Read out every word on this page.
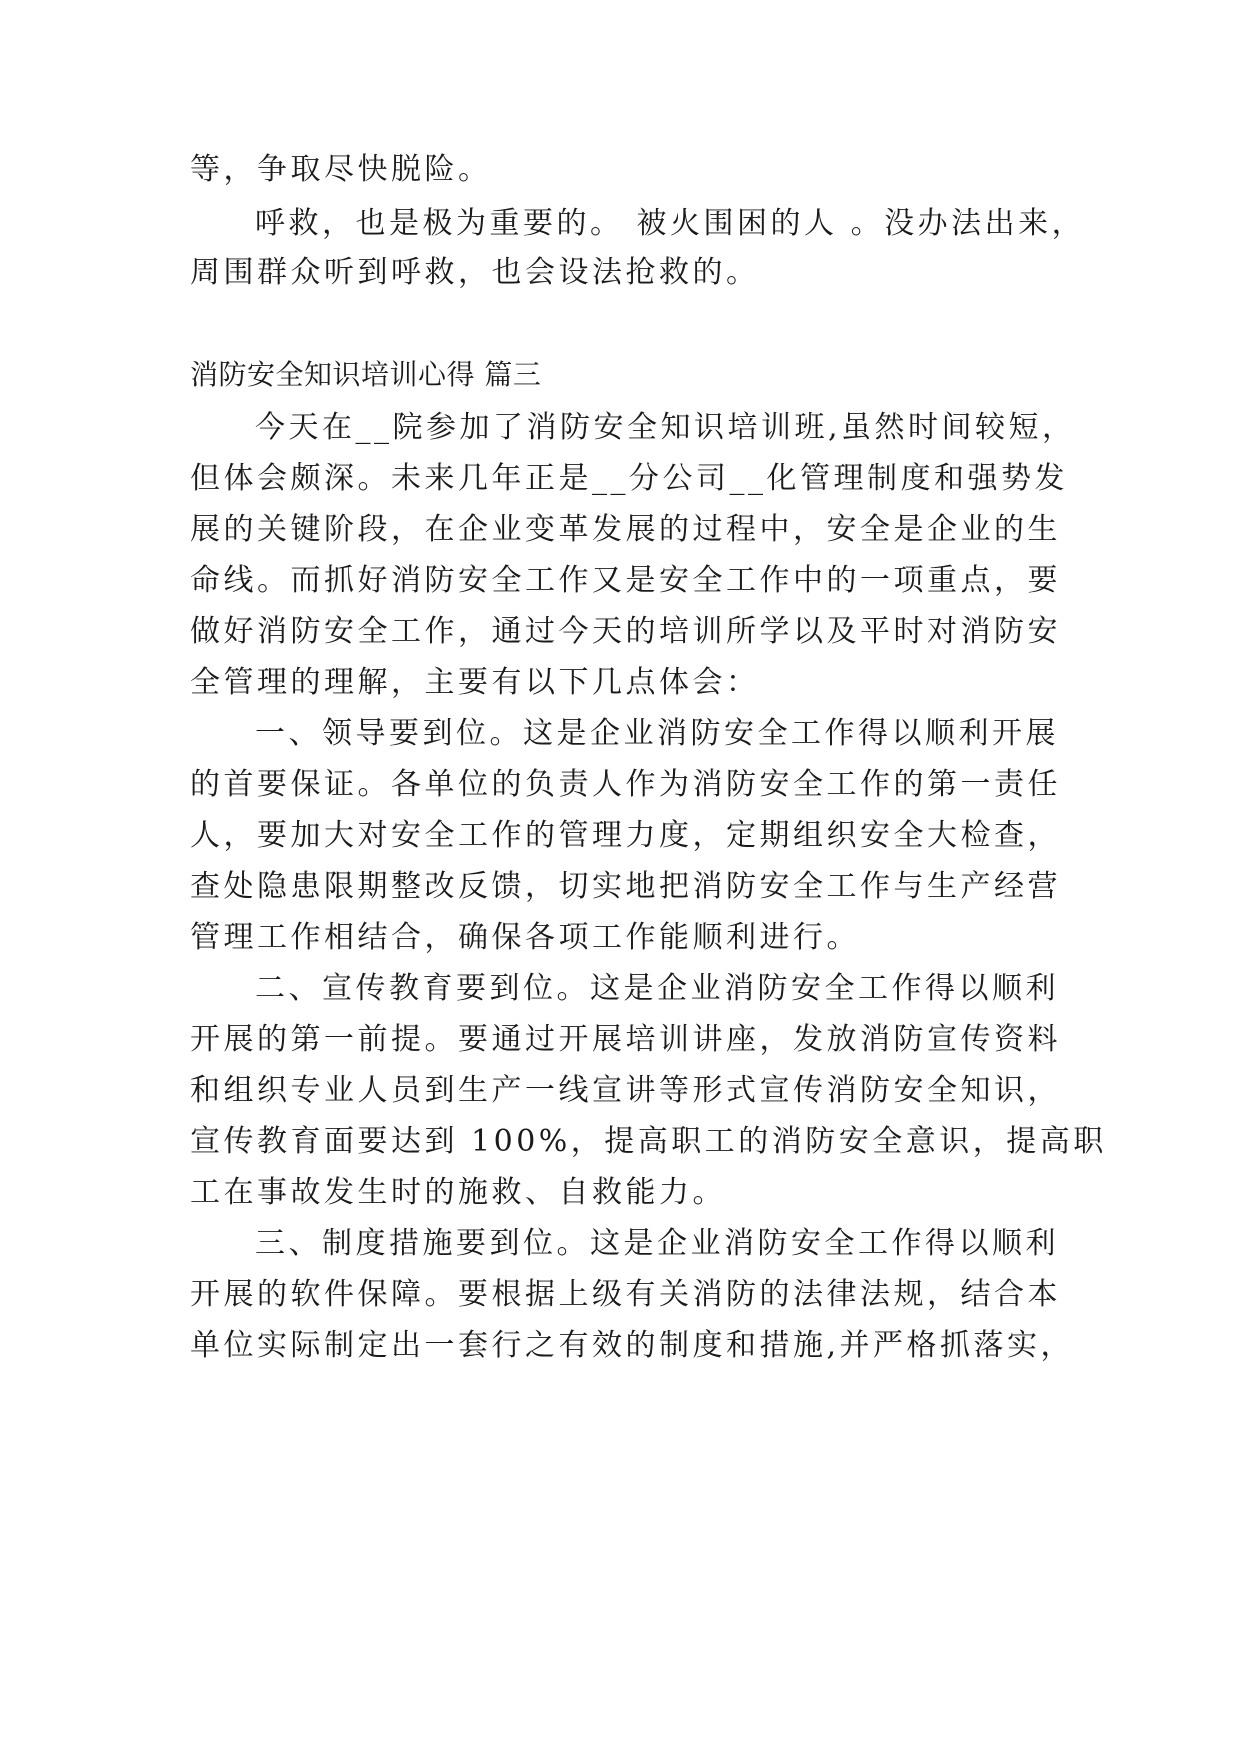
等，争取尽快脱险。
呼救，也是极为重要的。 被火围困的人 。没办法出来，
周围群众听到呼救，也会设法抢救的。
消防安全知识培训心得 篇三
今天在__院参加了消防安全知识培训班,虽然时间较短，
但体会颇深。未来几年正是__分公司__化管理制度和强势发
展的关键阶段，在企业变革发展的过程中，安全是企业的生
命线。而抓好消防安全工作又是安全工作中的一项重点，要
做好消防安全工作，通过今天的培训所学以及平时对消防安
全管理的理解，主要有以下几点体会：
一、领导要到位。这是企业消防安全工作得以顺利开展
的首要保证。各单位的负责人作为消防安全工作的第一责任
人，要加大对安全工作的管理力度，定期组织安全大检查，
查处隐患限期整改反馈，切实地把消防安全工作与生产经营
管理工作相结合，确保各项工作能顺利进行。
二、宣传教育要到位。这是企业消防安全工作得以顺利
开展的第一前提。要通过开展培训讲座，发放消防宣传资料
和组织专业人员到生产一线宣讲等形式宣传消防安全知识，
宣传教育面要达到 100%，提高职工的消防安全意识，提高职
工在事故发生时的施救、自救能力。
三、制度措施要到位。这是企业消防安全工作得以顺利
开展的软件保障。要根据上级有关消防的法律法规，结合本
单位实际制定出一套行之有效的制度和措施,并严格抓落实，
